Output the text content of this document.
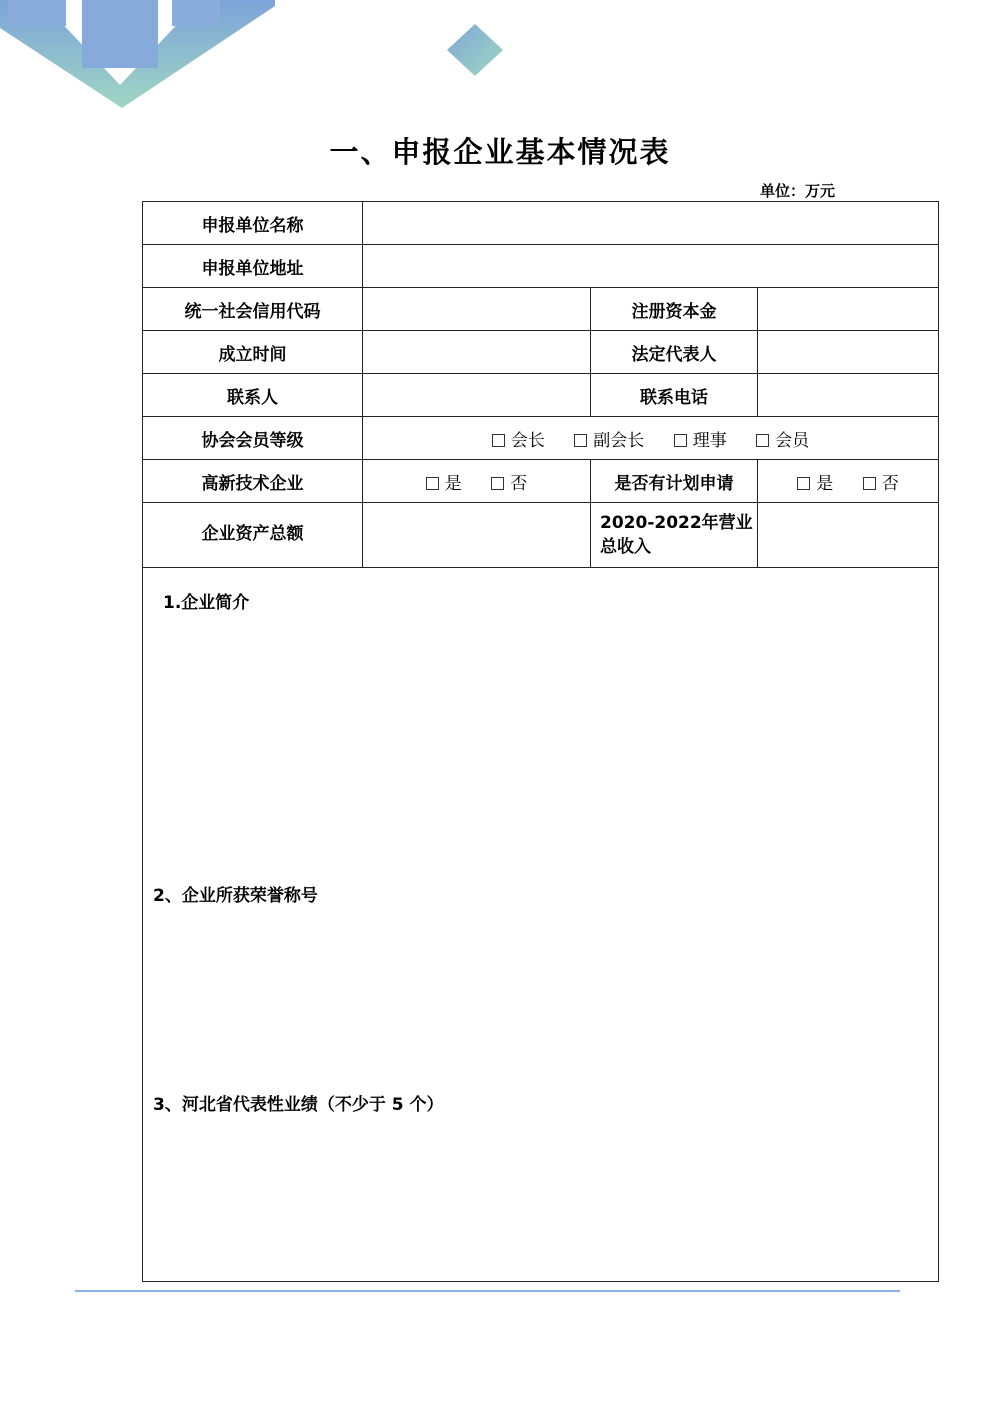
一、申报企业基本情况表
单位：万元
申报单位名称			
申报单位地址			
统一社会信用代码		注册资本金	
成立时间		法定代表人	
联系人		联系电话	
协会会员等级	会长 副会长 理事 会员		
高新技术企业	是 否	是否有计划申请	是 否
企业资产总额		2020-2022年营业总收入	

1.企业简介
2、企业所获荣誉称号
3、河北省代表性业绩（不少于 5 个）			
